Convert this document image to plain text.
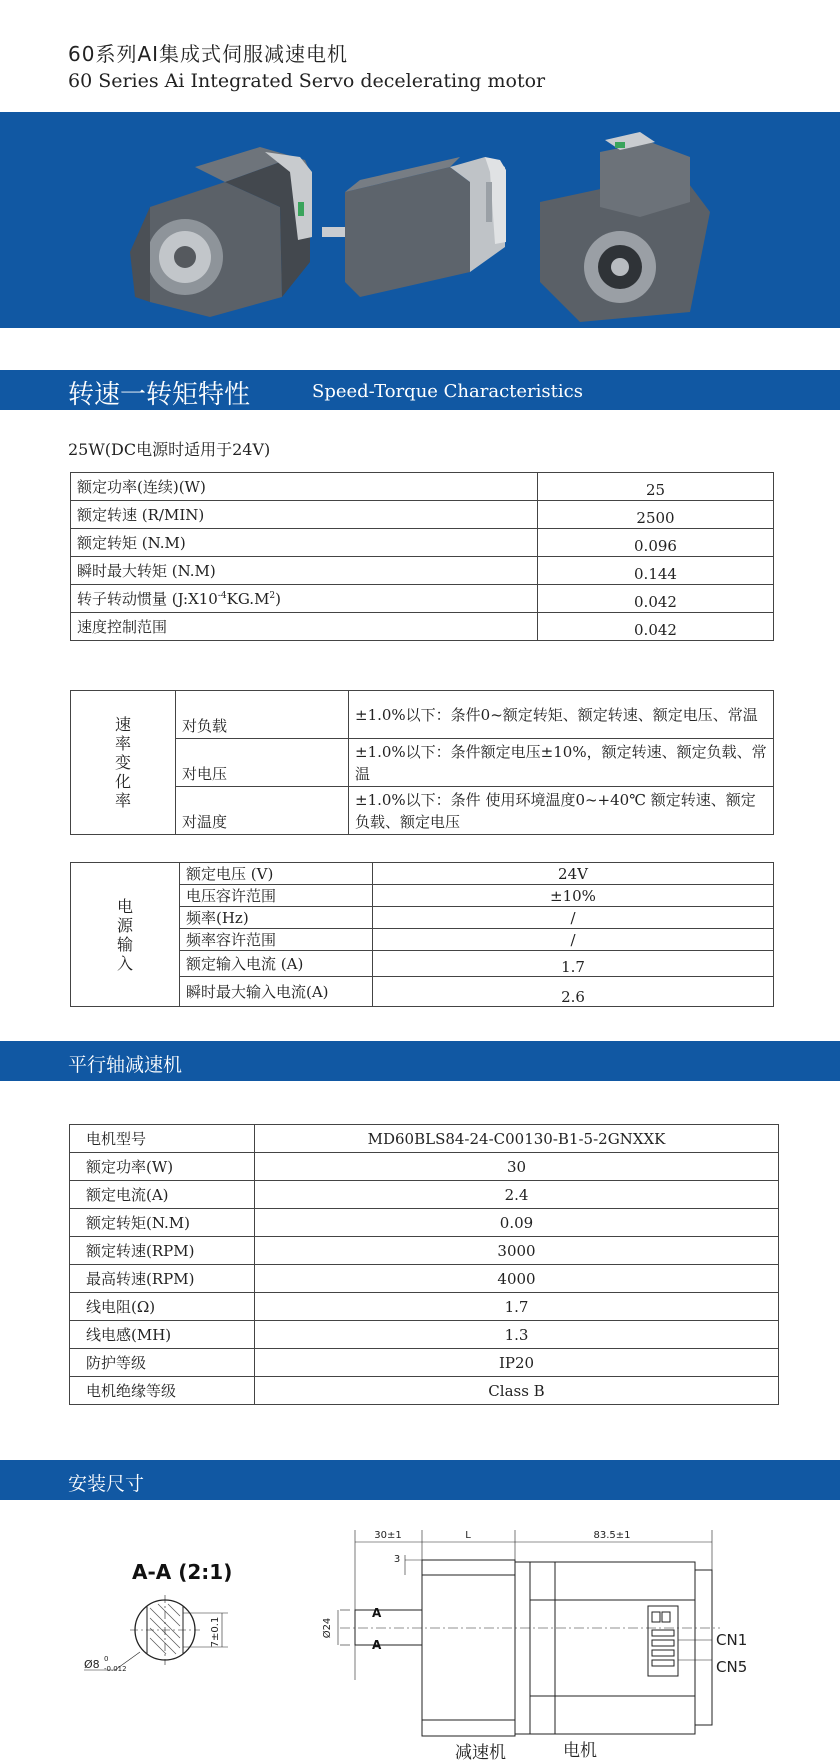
60系列AI集成式伺服减速电机
60 Series Ai Integrated Servo decelerating motor
转速一转矩特性	Speed-Torque Characteristics
25W(DC电源时适用于24V)
额定功率(连续)(W)	25
额定转速 (R/MIN)	2500
额定转矩 (N.M)	0.096
瞬时最大转矩 (N.M)	0.144
转子转动惯量 $(J:X10^{-4}KG.M^2)$	0.042
速度控制范围	0.042
速
率
变
化
率	对负载	±1.0%以下：条件0~额定转矩、额定转速、额定电压、常温
	对电压	±1.0%以下：条件额定电压±10%，额定转速、额定负载、常温
	对温度	±1.0%以下：条件 使用环境温度0~+40℃ 额定转速、额定负载、额定电压
电
源
输
入	额定电压 (V)	24V
	电压容许范围	±10%
	频率(Hz)	/
	频率容许范围	/
	额定输入电流 (A)	1.7
	瞬时最大输入电流(A)	2.6
平行轴减速机
电机型号	MD60BLS84-24-C00130-B1-5-2GNXXK
额定功率(W)	30
额定电流(A)	2.4
额定转矩(N.M)	0.09
额定转速(RPM)	3000
最高转速(RPM)	4000
线电阻(Ω)	1.7
线电感(MH)	1.3
防护等级	IP20
电机绝缘等级	Class B
安装尺寸
A-A (2:1)
7±0.1
Ø8 0
-0.012
30±1	L	83.5±1
3
Ø24
A
A	CN1
CN5
减速机	电机
